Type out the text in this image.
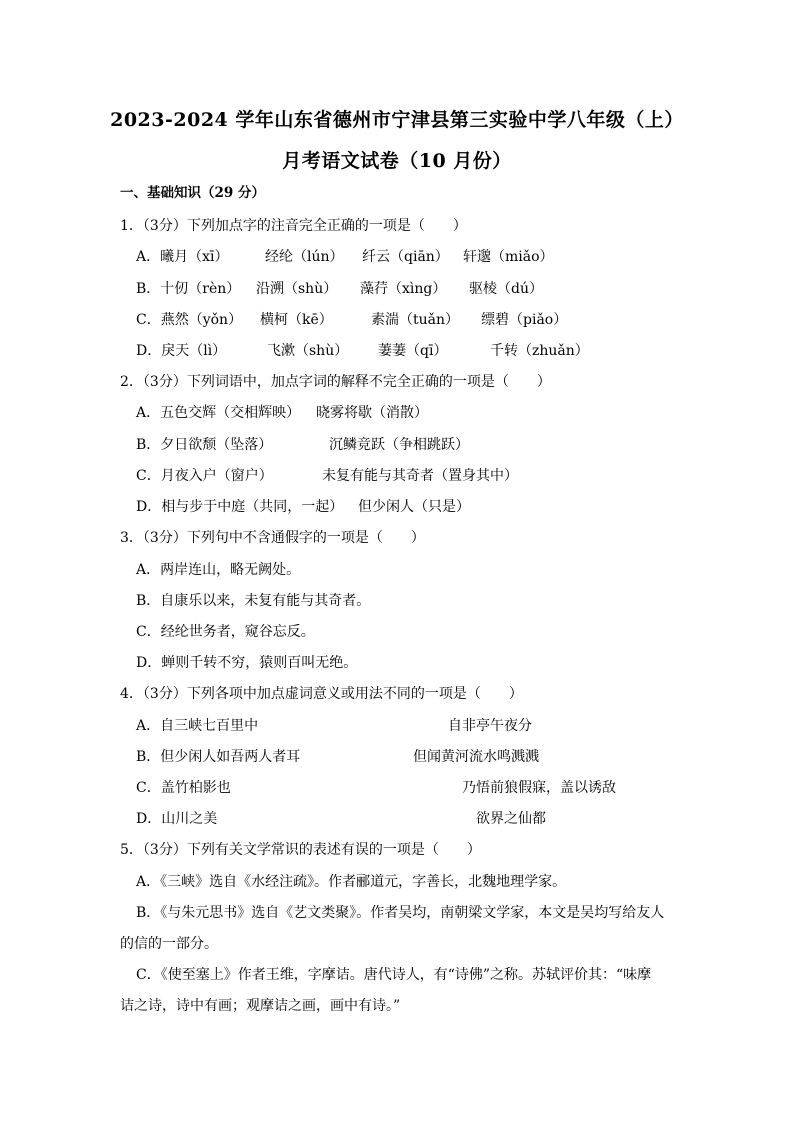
2023-2024 学年山东省德州市宁津县第三实验中学八年级（上）
月考语文试卷（10 月份）
一、基础知识（29 分）
1．（3分）下列加点字的注音完全正确的一项是（　　）
A．曦月（xī）	经纶（lún） 纤云（qiān） 轩邈（miǎo）
B．十仞（rèn） 沿溯（shù） 藻荇（xìng） 驱棱（dú）
C．燕然（yǒn） 横柯（kē）	素湍（tuǎn） 缥碧（piǎo）
D．戾天（lì）	飞漱（shù） 萋萋（qī）	千转（zhuǎn）
2．（3分）下列词语中，加点字词的解释不完全正确的一项是（　　）
A．五色交辉（交相辉映） 晓雾将歇（消散）
B．夕日欲颓（坠落）	沉鳞竞跃（争相跳跃）
C．月夜入户（窗户）	未复有能与其奇者（置身其中）
D．相与步于中庭（共同，一起） 但少闲人（只是）
3．（3分）下列句中不含通假字的一项是（　　）
A．两岸连山，略无阙处。
B．自康乐以来，未复有能与其奇者。
C．经纶世务者，窥谷忘反。
D．蝉则千转不穷，猿则百叫无绝。
4．（3分）下列各项中加点虚词意义或用法不同的一项是（　　）
A．自三峡七百里中	自非亭午夜分
B．但少闲人如吾两人者耳	但闻黄河流水鸣溅溅
C．盖竹柏影也	乃悟前狼假寐，盖以诱敌
D．山川之美	欲界之仙都
5．（3分）下列有关文学常识的表述有误的一项是（　　）
A．《三峡》选自《水经注疏》。作者郦道元，字善长，北魏地理学家。
B．《与朱元思书》选自《艺文类聚》。作者吴均，南朝梁文学家，本文是吴均写给友人
的信的一部分。
C．《使至塞上》作者王维，字摩诘。唐代诗人，有“诗佛”之称。苏轼评价其：“味摩
诘之诗，诗中有画；观摩诘之画，画中有诗。”
